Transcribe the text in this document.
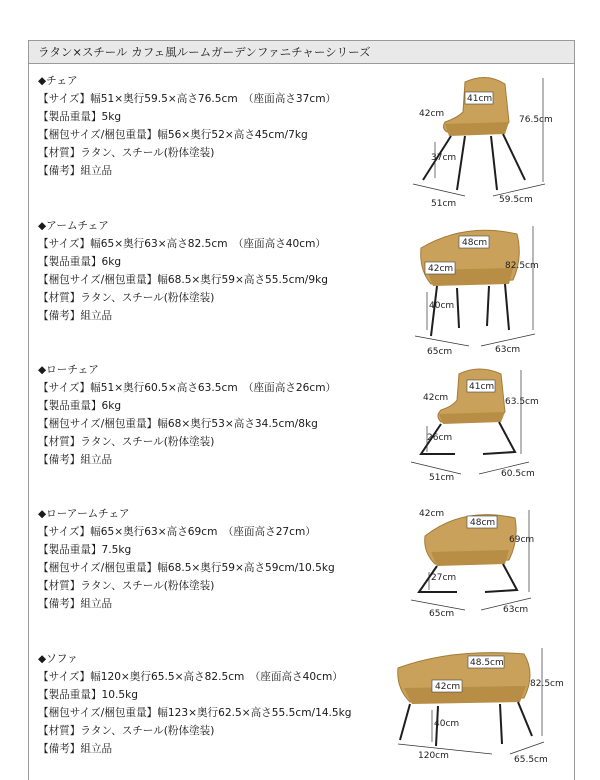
ラタン×スチール カフェ風ルームガーデンファニチャーシリーズ
◆チェア
【サイズ】幅51×奥行59.5×高さ76.5cm　（座面高さ37cm）
【製品重量】5kg
【梱包サイズ/梱包重量】幅56×奥行52×高さ45cm/7kg
【材質】ラタン、スチール(粉体塗装)
【備考】組立品
41cm
42cm
76.5cm
37cm
51cm	59.5cm
◆アームチェア
【サイズ】幅65×奥行63×高さ82.5cm　（座面高さ40cm）
【製品重量】6kg
【梱包サイズ/梱包重量】幅68.5×奥行59×高さ55.5cm/9kg
【材質】ラタン、スチール(粉体塗装)
【備考】組立品
48cm
42cm	82.5cm
40cm
65cm	63cm
◆ローチェア
【サイズ】幅51×奥行60.5×高さ63.5cm　（座面高さ26cm）
【製品重量】6kg
【梱包サイズ/梱包重量】幅68×奥行53×高さ34.5cm/8kg
【材質】ラタン、スチール(粉体塗装)
【備考】組立品
41cm
42cm	63.5cm
26cm
51cm	60.5cm
◆ローアームチェア
【サイズ】幅65×奥行63×高さ69cm　（座面高さ27cm）
【製品重量】7.5kg
【梱包サイズ/梱包重量】幅68.5×奥行59×高さ59cm/10.5kg
【材質】ラタン、スチール(粉体塗装)
【備考】組立品
48cm
42cm
69cm
27cm
65cm	63cm
◆ソファ
【サイズ】幅120×奥行65.5×高さ82.5cm　（座面高さ40cm）
【製品重量】10.5kg
【梱包サイズ/梱包重量】幅123×奥行62.5×高さ55.5cm/14.5kg
【材質】ラタン、スチール(粉体塗装)
【備考】組立品
48.5cm
42cm	82.5cm
40cm
120cm	65.5cm
